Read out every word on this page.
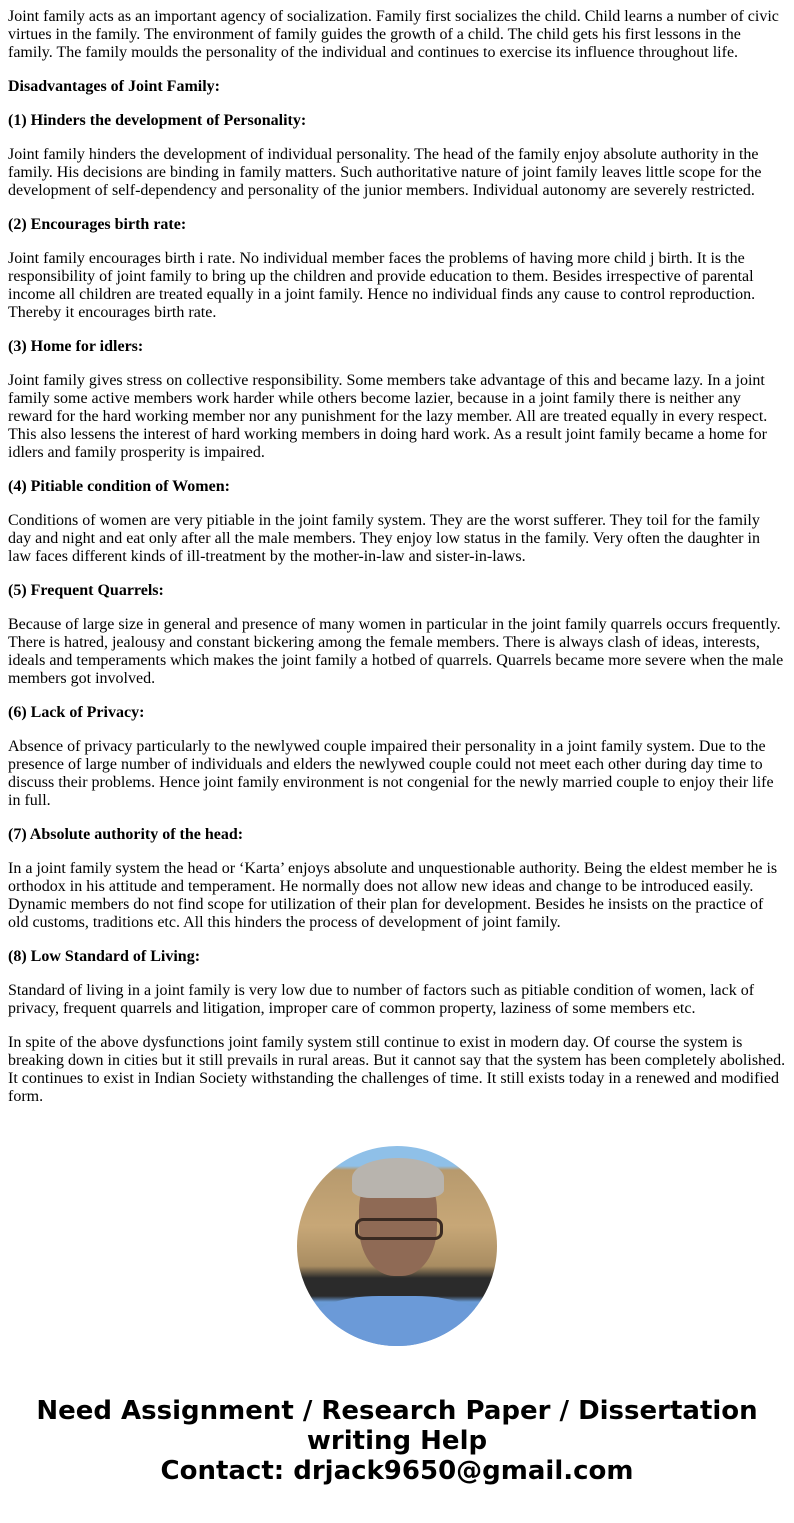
Joint family acts as an important agency of socialization. Family first socializes the child. Child learns a number of civic virtues in the family. The environment of family guides the growth of a child. The child gets his first lessons in the family. The family moulds the personality of the individual and continues to exercise its influence throughout life.

Disadvantages of Joint Family:

(1) Hinders the development of Personality:

Joint family hinders the development of individual personality. The head of the family enjoy absolute authority in the family. His decisions are binding in family matters. Such authoritative nature of joint family leaves little scope for the development of self-dependency and personality of the junior members. Individual autonomy are severely restricted.

(2) Encourages birth rate:

Joint family encourages birth i rate. No individual member faces the problems of having more child j birth. It is the responsibility of joint family to bring up the children and provide education to them. Besides irrespective of parental income all children are treated equally in a joint family. Hence no individual finds any cause to control reproduction. Thereby it encourages birth rate.

(3) Home for idlers:

Joint family gives stress on collective responsibility. Some members take advantage of this and became lazy. In a joint family some active members work harder while others become lazier, because in a joint family there is neither any reward for the hard working member nor any punishment for the lazy member. All are treated equally in every respect. This also lessens the interest of hard working members in doing hard work. As a result joint family became a home for idlers and family prosperity is impaired.

(4) Pitiable condition of Women:

Conditions of women are very pitiable in the joint family system. They are the worst sufferer. They toil for the family day and night and eat only after all the male members. They enjoy low status in the family. Very often the daughter in law faces different kinds of ill-treatment by the mother-in-law and sister-in-laws.

(5) Frequent Quarrels:

Because of large size in general and presence of many women in particular in the joint family quarrels occurs frequently. There is hatred, jealousy and constant bickering among the female members. There is always clash of ideas, interests, ideals and temperaments which makes the joint family a hotbed of quarrels. Quarrels became more severe when the male members got involved.

(6) Lack of Privacy:

Absence of privacy particularly to the newlywed couple impaired their personality in a joint family system. Due to the presence of large number of individuals and elders the newlywed couple could not meet each other during day time to discuss their problems. Hence joint family environment is not congenial for the newly married couple to enjoy their life in full.

(7) Absolute authority of the head:

In a joint family system the head or ‘Karta’ enjoys absolute and unquestionable authority. Being the eldest member he is orthodox in his attitude and temperament. He normally does not allow new ideas and change to be introduced easily. Dynamic members do not find scope for utilization of their plan for development. Besides he insists on the practice of old customs, traditions etc. All this hinders the process of development of joint family.

(8) Low Standard of Living:

Standard of living in a joint family is very low due to number of factors such as pitiable condition of women, lack of privacy, frequent quarrels and litigation, improper care of common property, laziness of some members etc.

In spite of the above dysfunctions joint family system still continue to exist in modern day. Of course the system is breaking down in cities but it still prevails in rural areas. But it cannot say that the system has been completely abolished. It continues to exist in Indian Society withstanding the challenges of time. It still exists today in a renewed and modified form.

Need Assignment / Research Paper / Dissertation writing Help
Contact: drjack9650@gmail.com
